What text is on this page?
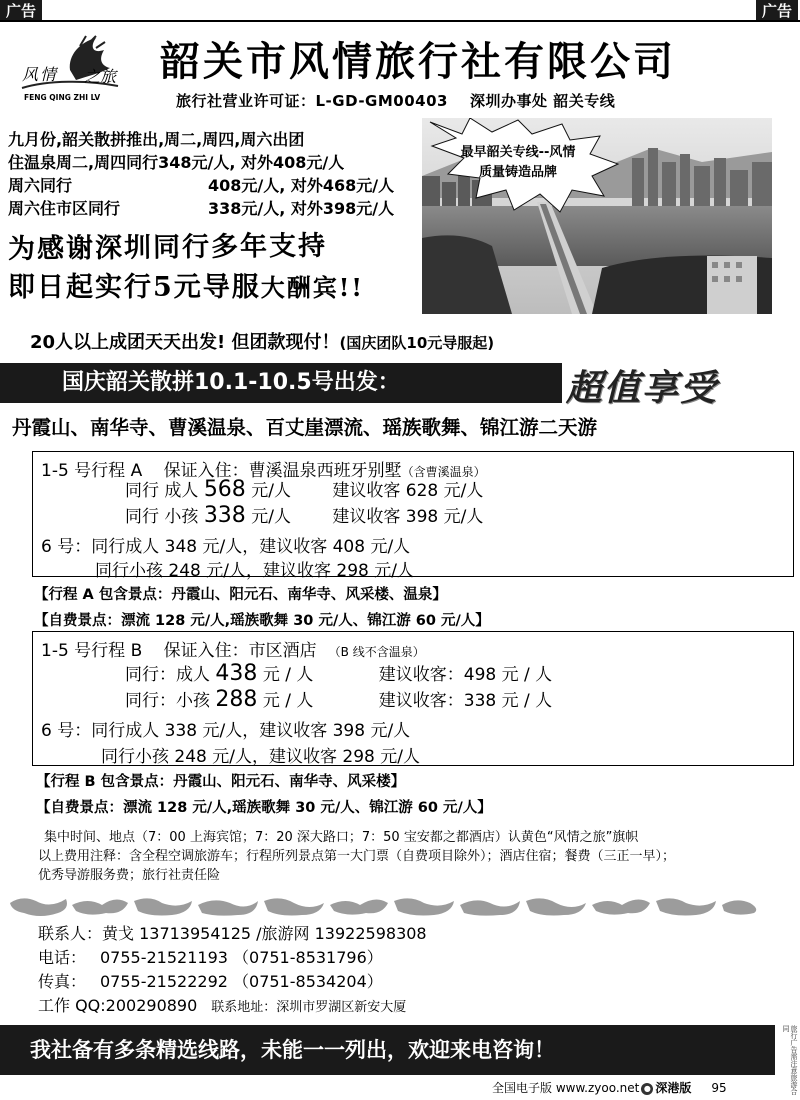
广告	广告
风 情 之旅
FENG QING ZHI LV
韶关市风情旅行社有限公司
旅行社营业许可证：L-GD-GM00403 深圳办事处 韶关专线
九月份,韶关散拼推出,周二,周四,周六出团
住温泉周二,周四同行348元/人, 对外408元/人
周六同行	408元/人, 对外468元/人
周六住市区同行	338元/人, 对外398元/人
最早韶关专线--风情
质量铸造品牌
为感谢深圳同行多年支持
即日起实行5元导服大酬宾!!
20人以上成团天天出发! 但团款现付！(国庆团队10元导服起)
国庆韶关散拼10.1-10.5号出发：	超值享受
丹霞山、南华寺、曹溪温泉、百丈崖漂流、瑶族歌舞、锦江游二天游
1-5 号行程 A 保证入住：曹溪温泉西班牙别墅（含曹溪温泉）
同行 成人 568 元/人 建议收客 628 元/人
同行 小孩 338 元/人 建议收客 398 元/人
6 号：同行成人 348 元/人，建议收客 408 元/人
同行小孩 248 元/人，建议收客 298 元/人
【行程 A 包含景点：丹霞山、阳元石、南华寺、风采楼、温泉】
【自费景点：漂流 128 元/人,瑶族歌舞 30 元/人、锦江游 60 元/人】
1-5 号行程 B 保证入住：市区酒店 （B 线不含温泉）
同行：成人 438 元 / 人	建议收客：498 元 / 人
同行：小孩 288 元 / 人	建议收客：338 元 / 人
6 号：同行成人 338 元/人，建议收客 398 元/人
同行小孩 248 元/人，建议收客 298 元/人
【行程 B 包含景点：丹霞山、阳元石、南华寺、风采楼】
【自费景点：漂流 128 元/人,瑶族歌舞 30 元/人、锦江游 60 元/人】
集中时间、地点（7：00 上海宾馆；7：20 深大路口；7：50 宝安都之都酒店）认黄色“风情之旅”旗帜
以上费用注释：含全程空调旅游车；行程所列景点第一大门票（自费项目除外）；酒店住宿；餐费（三正一早）；
优秀导游服务费；旅行社责任险
联系人：黄戈 13713954125 /旅游网 13922598308
电话： 0755-21521193 （0751-8531796）
传真： 0755-21522292 （0751-8534204）
工作 QQ:200290890 联系地址：深圳市罗湖区新安大厦
我社备有多条精选线路，未能一一列出，欢迎来电咨询！	旅行广告需注意旅游合同
全国电子版 www.zyoo.net ● 深港版 95
